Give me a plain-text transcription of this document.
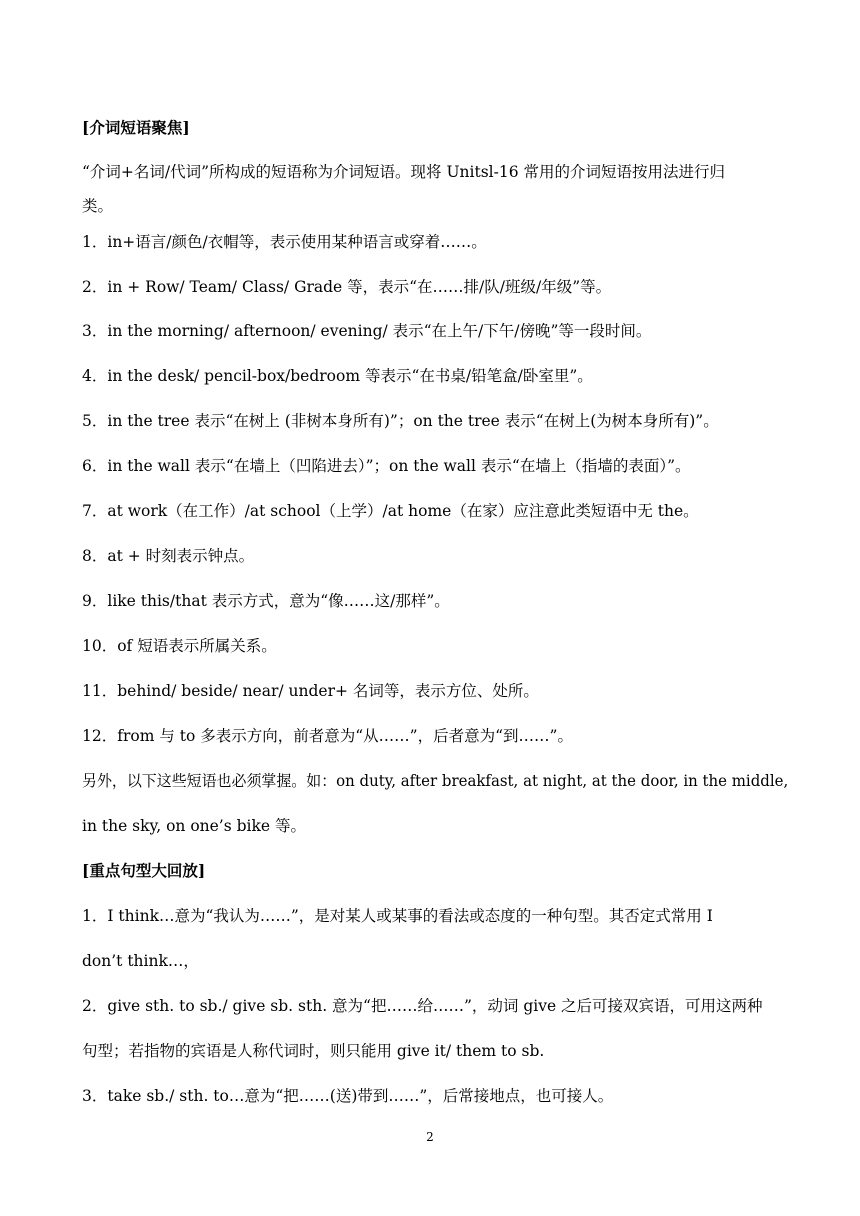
[介词短语聚焦]
“介词+名词/代词”所构成的短语称为介词短语。现将 Unitsl-16 常用的介词短语按用法进行归
类。
1．in+语言/颜色/衣帽等，表示使用某种语言或穿着……。
2．in + Row/ Team/ Class/ Grade 等，表示“在……排/队/班级/年级”等。
3．in the morning/ afternoon/ evening/ 表示“在上午/下午/傍晚”等一段时间。
4．in the desk/ pencil-box/bedroom 等表示“在书桌/铅笔盒/卧室里”。
5．in the tree 表示“在树上 (非树本身所有)”；on the tree 表示“在树上(为树本身所有)”。
6．in the wall 表示“在墙上（凹陷进去）”；on the wall 表示“在墙上（指墙的表面）”。
7．at work（在工作）/at school（上学）/at home（在家）应注意此类短语中无 the。
8．at + 时刻表示钟点。
9．like this/that 表示方式，意为“像……这/那样”。
10．of 短语表示所属关系。
11．behind/ beside/ near/ under+ 名词等，表示方位、处所。
12．from 与 to 多表示方向，前者意为“从……”，后者意为“到……”。
另外，以下这些短语也必须掌握。如：on duty, after breakfast, at night, at the door, in the middle,
in the sky, on one’s bike 等。
[重点句型大回放]
1．I think…意为“我认为……”，是对某人或某事的看法或态度的一种句型。其否定式常用 I
don’t think…，
2．give sth. to sb./ give sb. sth. 意为“把……给……”，动词 give 之后可接双宾语，可用这两种
句型；若指物的宾语是人称代词时，则只能用 give it/ them to sb.
3．take sb./ sth. to…意为“把……(送)带到……”，后常接地点，也可接人。
2
